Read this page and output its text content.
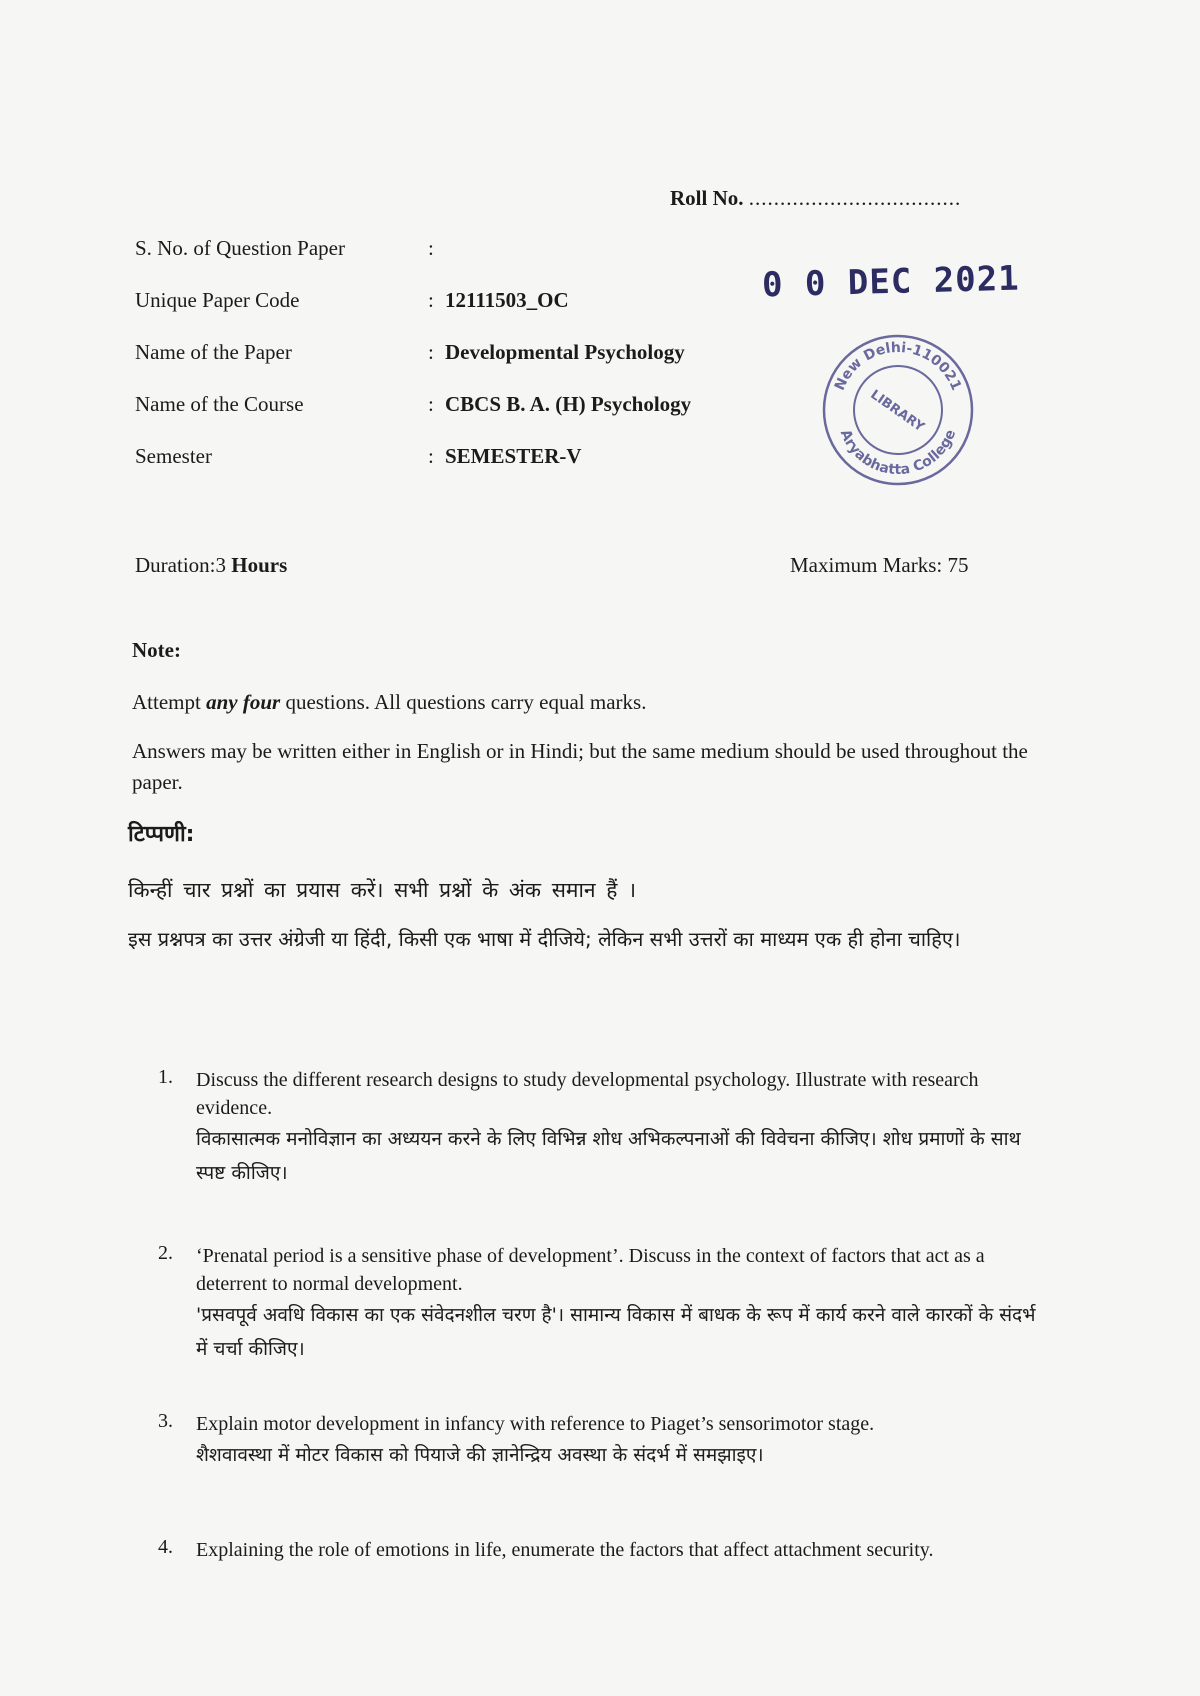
Roll No. ..................................
S. No. of Question Paper	:
Unique Paper Code	: 12111503_OC
Name of the Paper	: Developmental Psychology
Name of the Course	: CBCS B. A. (H) Psychology
Semester	: SEMESTER-V
0 0 DEC 2021
New Delhi-110021
Aryabhatta College
LIBRARY
Duration:3 Hours	Maximum Marks: 75
Note:
Attempt any four questions. All questions carry equal marks.
Answers may be written either in English or in Hindi; but the same medium should be used throughout the paper.
टिप्पणी:
किन्हीं चार प्रश्नों का प्रयास करें। सभी प्रश्नों के अंक समान हैं ।
इस प्रश्नपत्र का उत्तर अंग्रेजी या हिंदी, किसी एक भाषा में दीजिये; लेकिन सभी उत्तरों का माध्यम एक ही होना चाहिए।
1. Discuss the different research designs to study developmental psychology. Illustrate with research evidence.
विकासात्मक मनोविज्ञान का अध्ययन करने के लिए विभिन्न शोध अभिकल्पनाओं की विवेचना कीजिए। शोध प्रमाणों के साथ स्पष्ट कीजिए।
2. ‘Prenatal period is a sensitive phase of development’. Discuss in the context of factors that act as a deterrent to normal development.
'प्रसवपूर्व अवधि विकास का एक संवेदनशील चरण है'। सामान्य विकास में बाधक के रूप में कार्य करने वाले कारकों के संदर्भ में चर्चा कीजिए।
3. Explain motor development in infancy with reference to Piaget’s sensorimotor stage.
शैशवावस्था में मोटर विकास को पियाजे की ज्ञानेन्द्रिय अवस्था के संदर्भ में समझाइए।
4. Explaining the role of emotions in life, enumerate the factors that affect attachment security.
